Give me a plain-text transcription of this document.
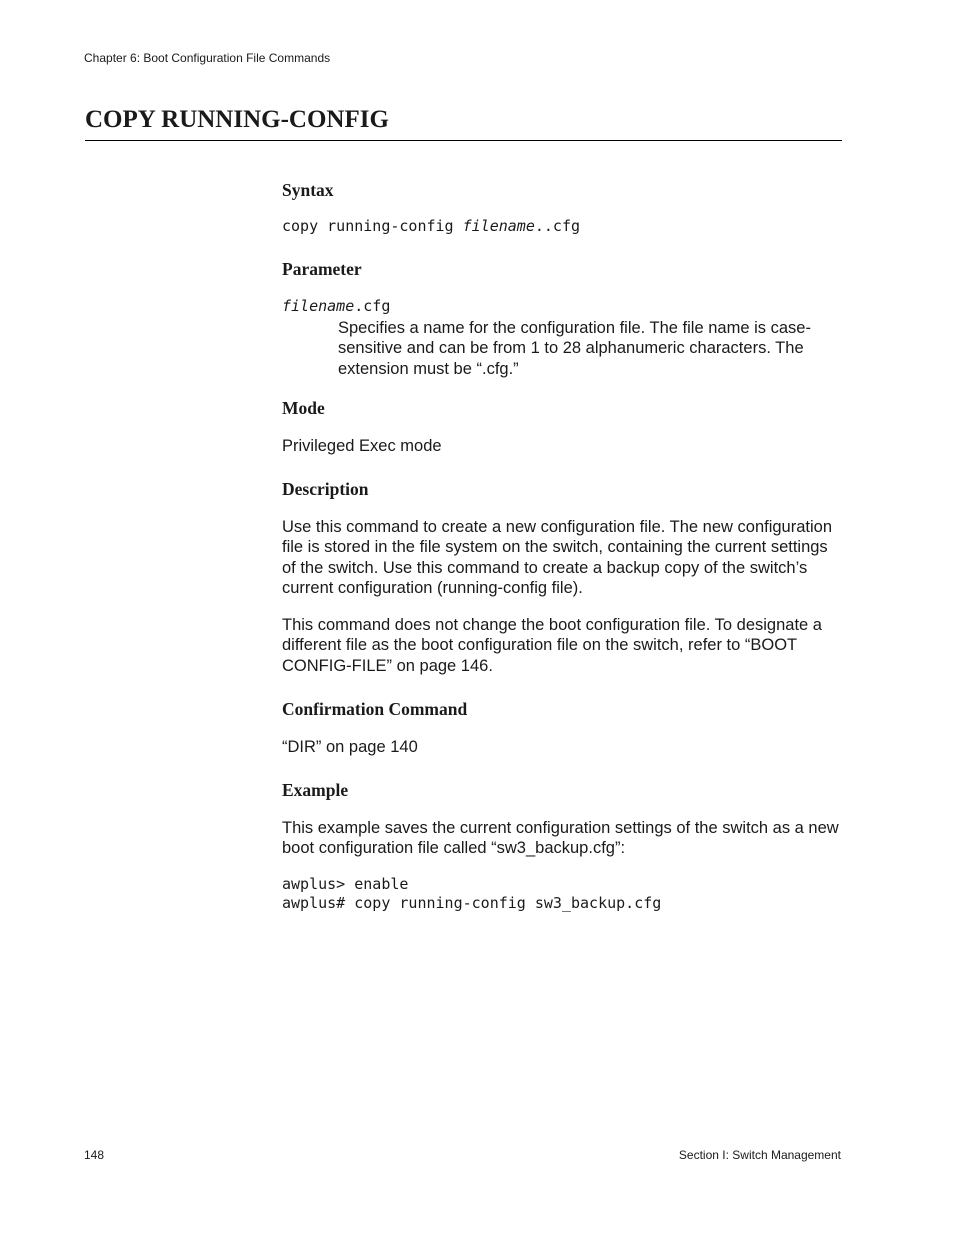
Chapter 6: Boot Configuration File Commands
COPY RUNNING-CONFIG
Syntax
copy running-config filename..cfg
Parameter
filename.cfg
Specifies a name for the configuration file. The file name is case-sensitive and can be from 1 to 28 alphanumeric characters. The extension must be “.cfg.”
Mode
Privileged Exec mode
Description
Use this command to create a new configuration file. The new configuration file is stored in the file system on the switch, containing the current settings of the switch. Use this command to create a backup copy of the switch’s current configuration (running-config file).
This command does not change the boot configuration file. To designate a different file as the boot configuration file on the switch, refer to “BOOT CONFIG-FILE” on page 146.
Confirmation Command
“DIR” on page 140
Example
This example saves the current configuration settings of the switch as a new boot configuration file called “sw3_backup.cfg”:
awplus> enable
awplus# copy running-config sw3_backup.cfg
148	Section I: Switch Management
